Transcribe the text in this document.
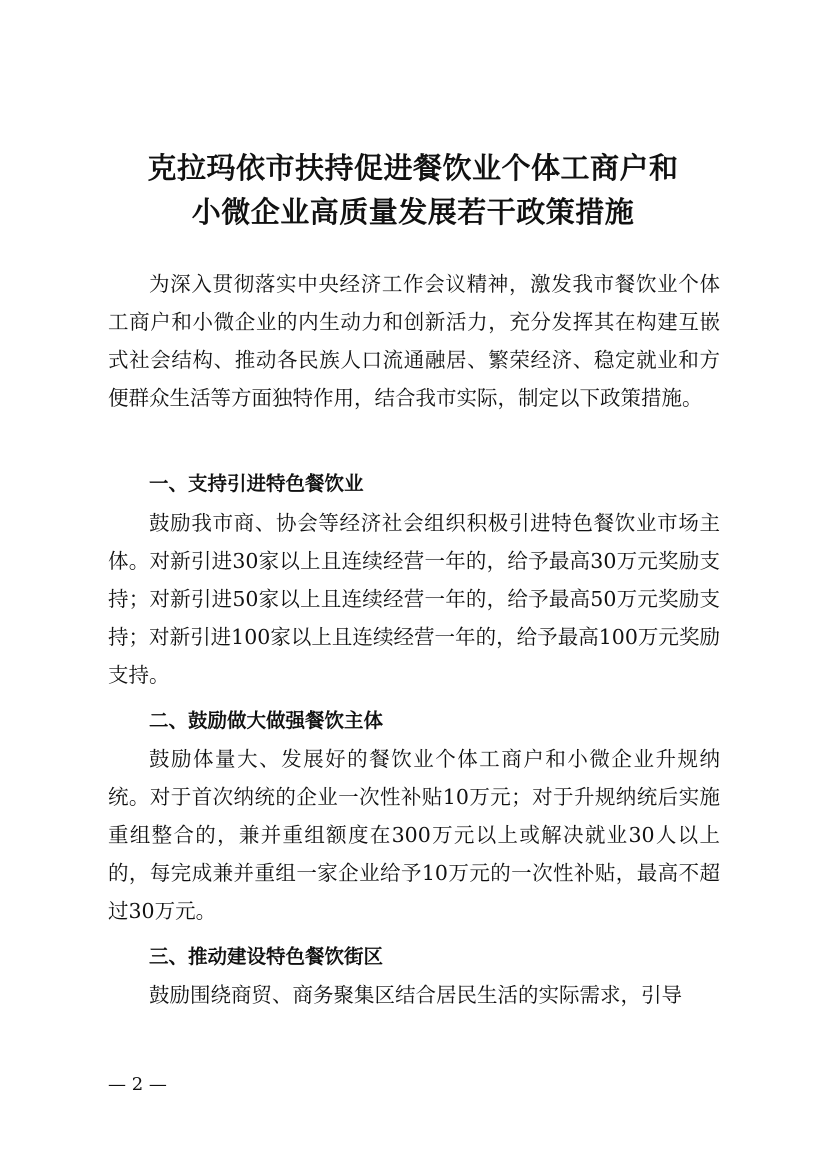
克拉玛依市扶持促进餐饮业个体工商户和
小微企业高质量发展若干政策措施

为深入贯彻落实中央经济工作会议精神，激发我市餐饮业个体工商户和小微企业的内生动力和创新活力，充分发挥其在构建互嵌式社会结构、推动各民族人口流通融居、繁荣经济、稳定就业和方便群众生活等方面独特作用，结合我市实际，制定以下政策措施。

一、支持引进特色餐饮业

鼓励我市商、协会等经济社会组织积极引进特色餐饮业市场主体。对新引进30家以上且连续经营一年的，给予最高30万元奖励支持；对新引进50家以上且连续经营一年的，给予最高50万元奖励支持；对新引进100家以上且连续经营一年的，给予最高100万元奖励支持。

二、鼓励做大做强餐饮主体

鼓励体量大、发展好的餐饮业个体工商户和小微企业升规纳统。对于首次纳统的企业一次性补贴10万元；对于升规纳统后实施重组整合的，兼并重组额度在300万元以上或解决就业30人以上的，每完成兼并重组一家企业给予10万元的一次性补贴，最高不超过30万元。

三、推动建设特色餐饮街区

鼓励围绕商贸、商务聚集区结合居民生活的实际需求，引导

— 2 —
